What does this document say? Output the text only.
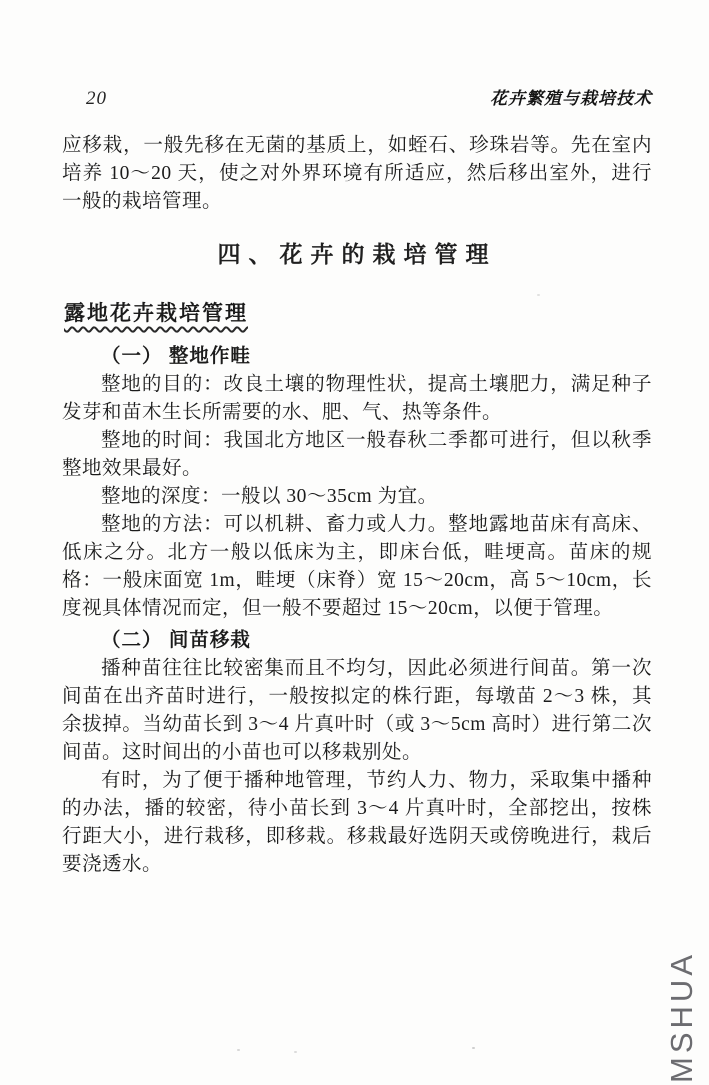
20	花卉繁殖与栽培技术

应移栽，一般先移在无菌的基质上，如蛭石、珍珠岩等。先在室内培养 10～20 天，使之对外界环境有所适应，然后移出室外，进行一般的栽培管理。

四、花卉的栽培管理
露地花卉栽培管理
（一） 整地作畦

整地的目的：改良土壤的物理性状，提高土壤肥力，满足种子发芽和苗木生长所需要的水、肥、气、热等条件。

整地的时间：我国北方地区一般春秋二季都可进行，但以秋季整地效果最好。

整地的深度：一般以 30～35cm 为宜。

整地的方法：可以机耕、畜力或人力。整地露地苗床有高床、低床之分。北方一般以低床为主，即床台低，畦埂高。苗床的规格：一般床面宽 1m，畦埂（床脊）宽 15～20cm，高 5～10cm，长度视具体情况而定，但一般不要超过 15～20cm，以便于管理。

（二） 间苗移栽

播种苗往往比较密集而且不均匀，因此必须进行间苗。第一次间苗在出齐苗时进行，一般按拟定的株行距，每墩苗 2～3 株，其余拔掉。当幼苗长到 3～4 片真叶时（或 3～5cm 高时）进行第二次间苗。这时间出的小苗也可以移栽别处。

有时，为了便于播种地管理，节约人力、物力，采取集中播种的办法，播的较密，待小苗长到 3～4 片真叶时，全部挖出，按株行距大小，进行栽移，即移栽。移栽最好选阴天或傍晚进行，栽后要浇透水。

MSHUA
